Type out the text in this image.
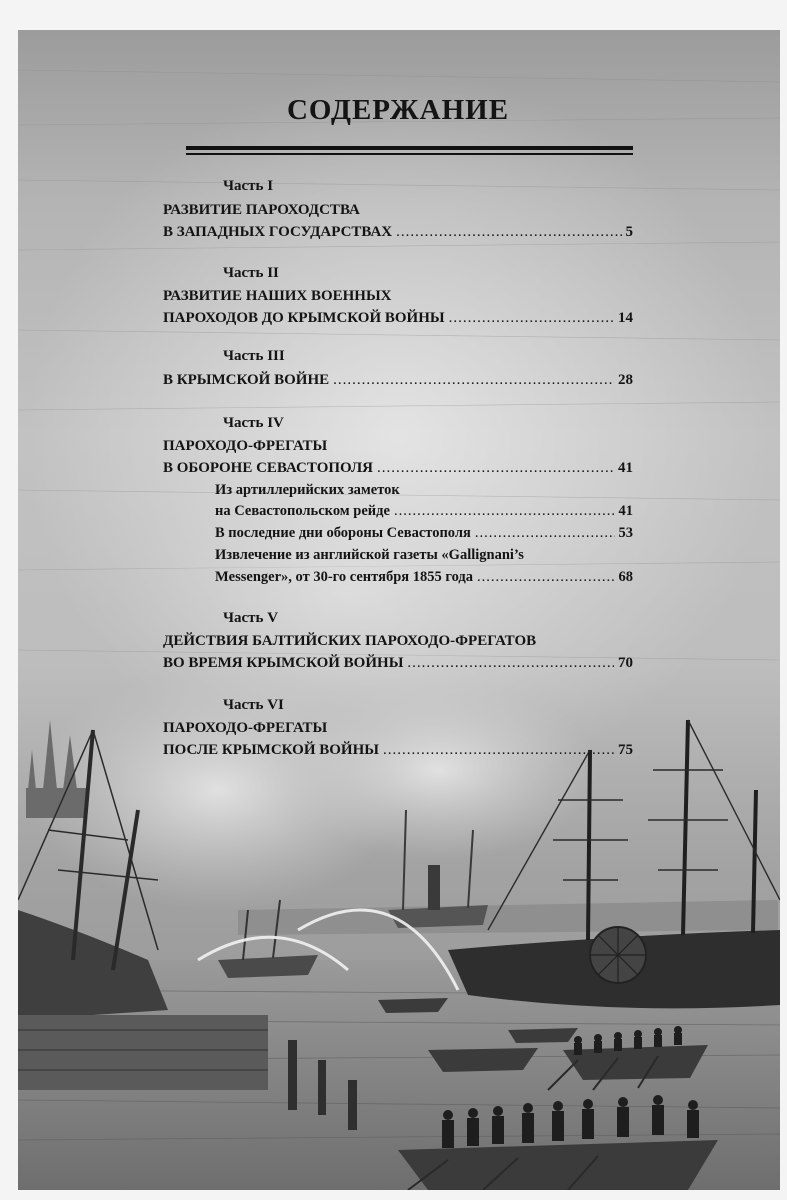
СОДЕРЖАНИЕ
Часть I
РАЗВИТИЕ ПАРОХОДСТВА
В ЗАПАДНЫХ ГОСУДАРСТВАХ .....	5
Часть II
РАЗВИТИЕ НАШИХ ВОЕННЫХ
ПАРОХОДОВ ДО КРЫМСКОЙ ВОЙНЫ .....	14
Часть III
В КРЫМСКОЙ ВОЙНЕ .....	28
Часть IV
ПАРОХОДО-ФРЕГАТЫ
В ОБОРОНЕ СЕВАСТОПОЛЯ .....	41
Из артиллерийских заметок
на Севастопольском рейде .....	41
В последние дни обороны Севастополя .....	53
Извлечение из английской газеты «Gallignani’s
Messenger», от 30-го сентября 1855 года .....	68
Часть V
ДЕЙСТВИЯ БАЛТИЙСКИХ ПАРОХОДО-ФРЕГАТОВ
ВО ВРЕМЯ КРЫМСКОЙ ВОЙНЫ .....	70
Часть VI
ПАРОХОДО-ФРЕГАТЫ
ПОСЛЕ КРЫМСКОЙ ВОЙНЫ .....	75
